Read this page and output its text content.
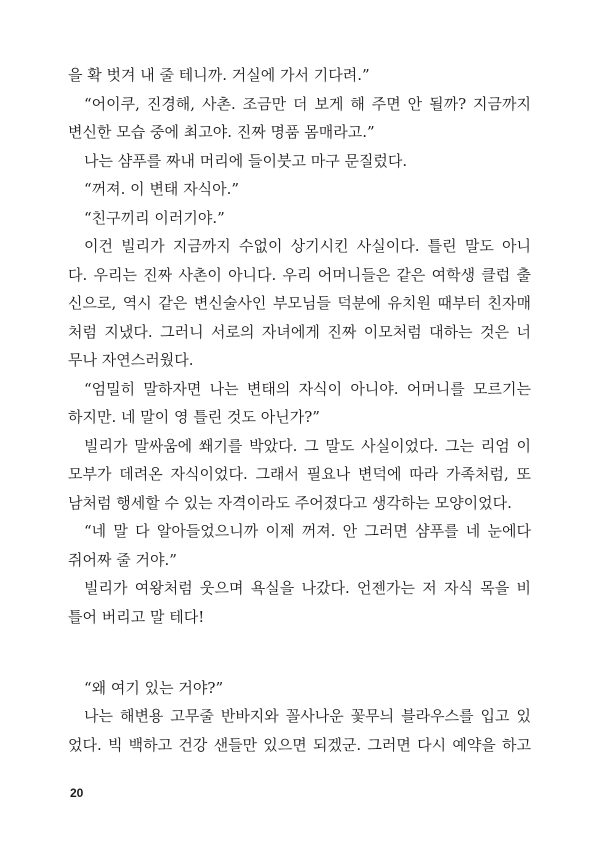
을 확 벗겨 내 줄 테니까. 거실에 가서 기다려.”
“어이쿠, 진경해, 사촌. 조금만 더 보게 해 주면 안 될까? 지금까지
변신한 모습 중에 최고야. 진짜 명품 몸매라고.”
나는 샴푸를 짜내 머리에 들이붓고 마구 문질렀다.
“꺼져. 이 변태 자식아.”
“친구끼리 이러기야.”
이건 빌리가 지금까지 수없이 상기시킨 사실이다. 틀린 말도 아니
다. 우리는 진짜 사촌이 아니다. 우리 어머니들은 같은 여학생 클럽 출
신으로, 역시 같은 변신술사인 부모님들 덕분에 유치원 때부터 친자매
처럼 지냈다. 그러니 서로의 자녀에게 진짜 이모처럼 대하는 것은 너
무나 자연스러웠다.
“엄밀히 말하자면 나는 변태의 자식이 아니야. 어머니를 모르기는
하지만. 네 말이 영 틀린 것도 아닌가?”
빌리가 말싸움에 쐐기를 박았다. 그 말도 사실이었다. 그는 리엄 이
모부가 데려온 자식이었다. 그래서 필요나 변덕에 따라 가족처럼, 또
남처럼 행세할 수 있는 자격이라도 주어졌다고 생각하는 모양이었다.
“네 말 다 알아들었으니까 이제 꺼져. 안 그러면 샴푸를 네 눈에다
쥐어짜 줄 거야.”
빌리가 여왕처럼 웃으며 욕실을 나갔다. 언젠가는 저 자식 목을 비
틀어 버리고 말 테다!
“왜 여기 있는 거야?”
나는 해변용 고무줄 반바지와 꼴사나운 꽃무늬 블라우스를 입고 있
었다. 빅 백하고 건강 샌들만 있으면 되겠군. 그러면 다시 예약을 하고
20
